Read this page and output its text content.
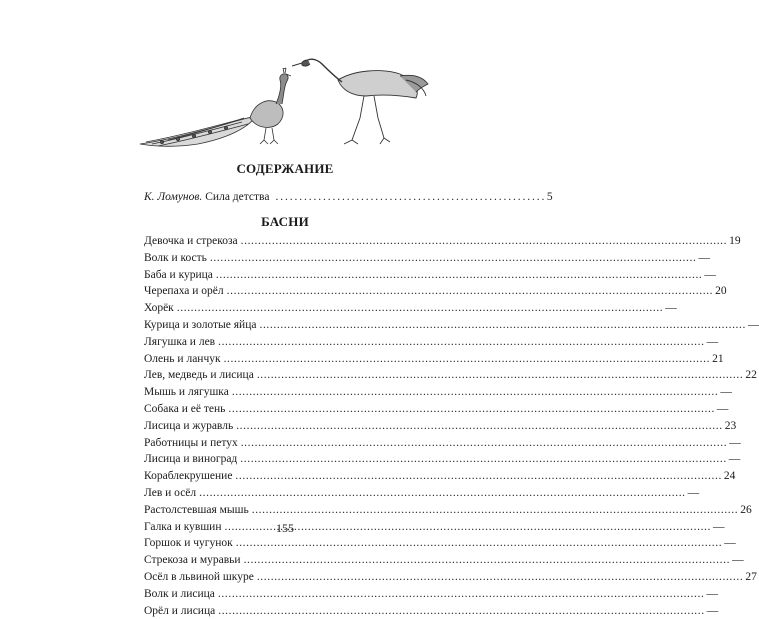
СОДЕРЖАНИЕ
К. Ломунов. Сила детства . . .	5
БАСНИ
Девочка и стрекоза .....	19
Волк и кость .....	—
Баба и курица .....	—
Черепаха и орёл .....	20
Хорёк .....	—
Курица и золотые яйца .....	—
Лягушка и лев .....	—
Олень и ланчук .....	21
Лев, медведь и лисица .....	22
Мышь и лягушка .....	—
Собака и её тень .....	—
Лисица и журавль .....	23
Работницы и петух .....	—
Лисица и виноград .....	—
Кораблекрушение .....	24
Лев и осёл .....	—
Растолстевшая мышь .....	26
Галка и кувшин .....	—
Горшок и чугунок .....	—
Стрекоза и муравьи .....	—
Осёл в львиной шкуре .....	27
Волк и лисица .....	—
Орёл и лисица .....	—
155
